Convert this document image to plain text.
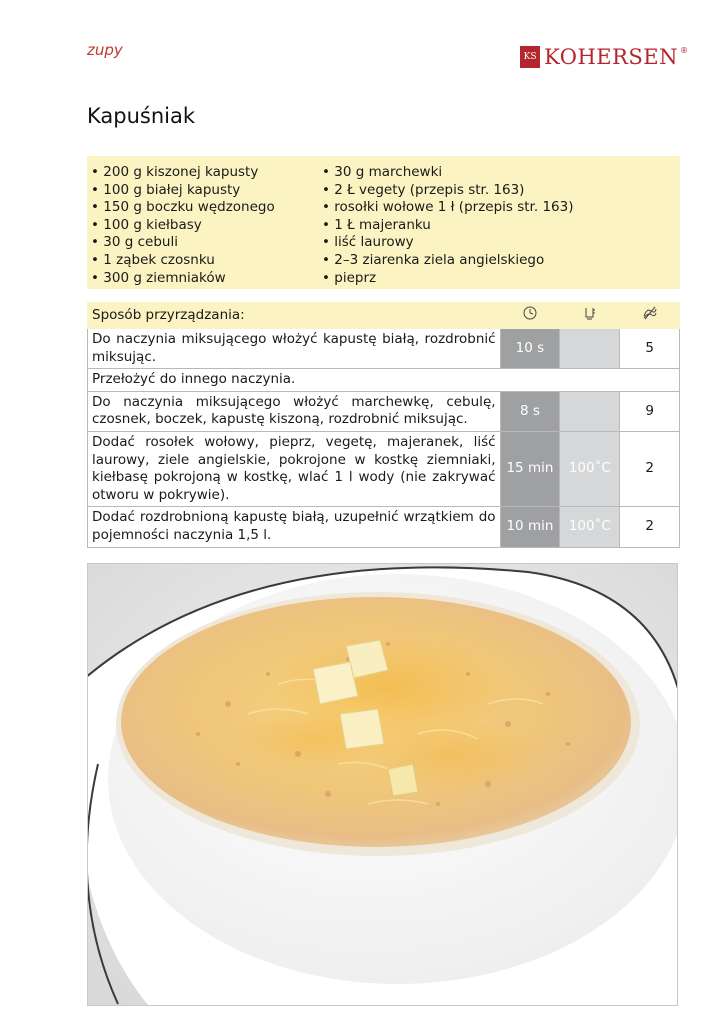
zupy	KS KOHERSEN ®
Kapuśniak
• 200 g kiszonej kapusty
• 100 g białej kapusty
• 150 g boczku wędzonego
• 100 g kiełbasy
• 30 g cebuli
• 1 ząbek czosnku
• 300 g ziemniaków
• 30 g marchewki
• 2 Ł vegety (przepis str. 163)
• rosołki wołowe 1 ł (przepis str. 163)
• 1 Ł majeranku
• liść laurowy
• 2–3 ziarenka ziela angielskiego
• pieprz
Sposób przyrządzania:			
Do naczynia miksującego włożyć kapustę białą, rozdrobnić miksując.	10 s		5
Przełożyć do innego naczynia.			
Do naczynia miksującego włożyć marchewkę, cebulę, czosnek, boczek, kapustę kiszoną, rozdrobnić miksując.	8 s		9
Dodać rosołek wołowy, pieprz, vegetę, majeranek, liść laurowy, ziele angielskie, pokrojone w kostkę ziemniaki, kiełbasę pokrojoną w kostkę, wlać 1 l wody (nie zakrywać otworu w pokrywie).	15 min	100˚C	2
Dodać rozdrobnioną kapustę białą, uzupełnić wrzątkiem do pojemności naczynia 1,5 l.	10 min	100˚C	2
